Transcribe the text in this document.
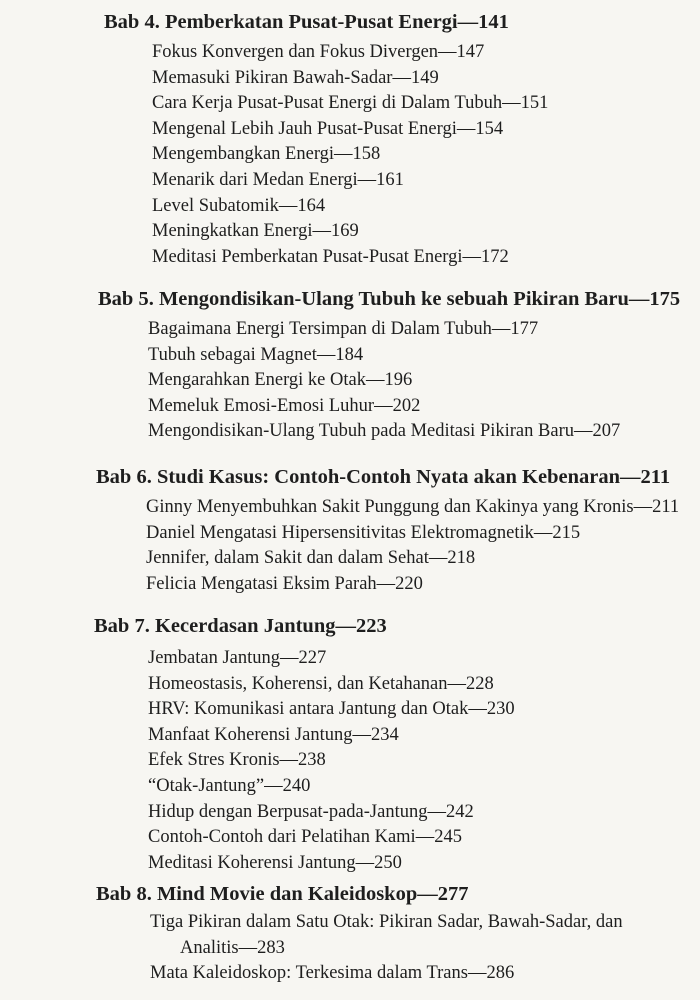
Bab 4. Pemberkatan Pusat-Pusat Energi—141
Fokus Konvergen dan Fokus Divergen—147
Memasuki Pikiran Bawah-Sadar—149
Cara Kerja Pusat-Pusat Energi di Dalam Tubuh—151
Mengenal Lebih Jauh Pusat-Pusat Energi—154
Mengembangkan Energi—158
Menarik dari Medan Energi—161
Level Subatomik—164
Meningkatkan Energi—169
Meditasi Pemberkatan Pusat-Pusat Energi—172
Bab 5. Mengondisikan-Ulang Tubuh ke sebuah Pikiran Baru—175
Bagaimana Energi Tersimpan di Dalam Tubuh—177
Tubuh sebagai Magnet—184
Mengarahkan Energi ke Otak—196
Memeluk Emosi-Emosi Luhur—202
Mengondisikan-Ulang Tubuh pada Meditasi Pikiran Baru—207
Bab 6. Studi Kasus: Contoh-Contoh Nyata akan Kebenaran—211
Ginny Menyembuhkan Sakit Punggung dan Kakinya yang Kronis—211
Daniel Mengatasi Hipersensitivitas Elektromagnetik—215
Jennifer, dalam Sakit dan dalam Sehat—218
Felicia Mengatasi Eksim Parah—220
Bab 7. Kecerdasan Jantung—223
Jembatan Jantung—227
Homeostasis, Koherensi, dan Ketahanan—228
HRV: Komunikasi antara Jantung dan Otak—230
Manfaat Koherensi Jantung—234
Efek Stres Kronis—238
“Otak-Jantung”—240
Hidup dengan Berpusat-pada-Jantung—242
Contoh-Contoh dari Pelatihan Kami—245
Meditasi Koherensi Jantung—250
Bab 8. Mind Movie dan Kaleidoskop—277
Tiga Pikiran dalam Satu Otak: Pikiran Sadar, Bawah-Sadar, dan
Analitis—283
Mata Kaleidoskop: Terkesima dalam Trans—286
